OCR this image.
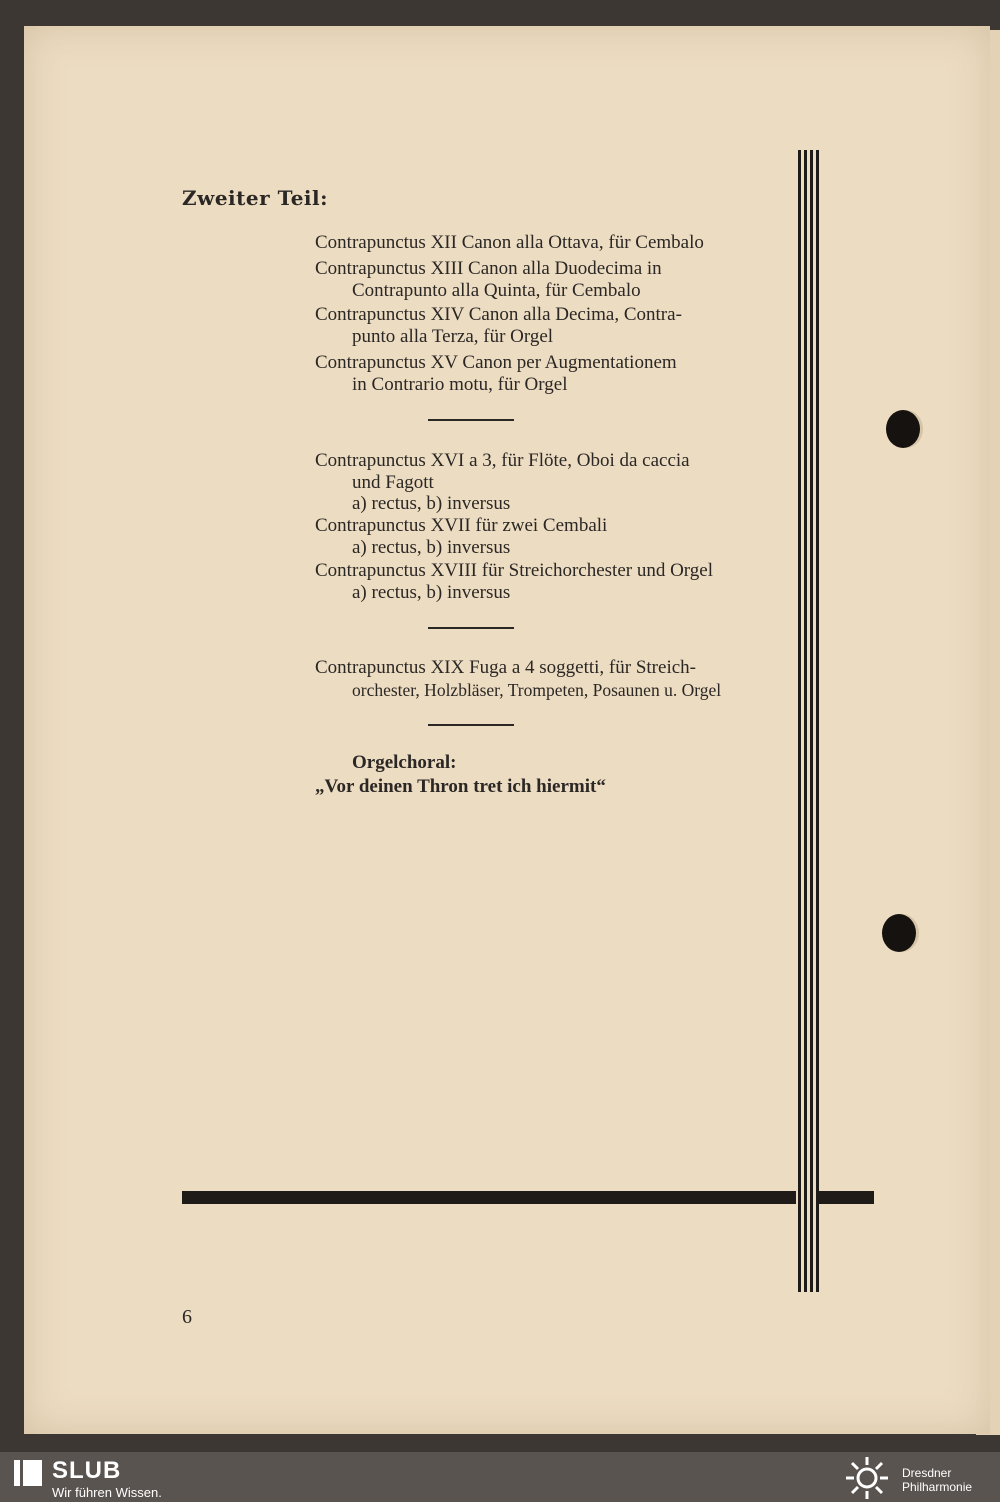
Zweiter Teil:
Contrapunctus XII Canon alla Ottava, für Cembalo
Contrapunctus XIII Canon alla Duodecima in
Contrapunto alla Quinta, für Cembalo
Contrapunctus XIV Canon alla Decima, Contra-
punto alla Terza, für Orgel
Contrapunctus XV Canon per Augmentationem
in Contrario motu, für Orgel
Contrapunctus XVI a 3, für Flöte, Oboi da caccia
und Fagott
a) rectus, b) inversus
Contrapunctus XVII für zwei Cembali
a) rectus, b) inversus
Contrapunctus XVIII für Streichorchester und Orgel
a) rectus, b) inversus
Contrapunctus XIX Fuga a 4 soggetti, für Streich-
orchester, Holzbläser, Trompeten, Posaunen u. Orgel
Orgelchoral:
„Vor deinen Thron tret ich hiermit“
6
SLUB
Wir führen Wissen.
Dresdner
Philharmonie
